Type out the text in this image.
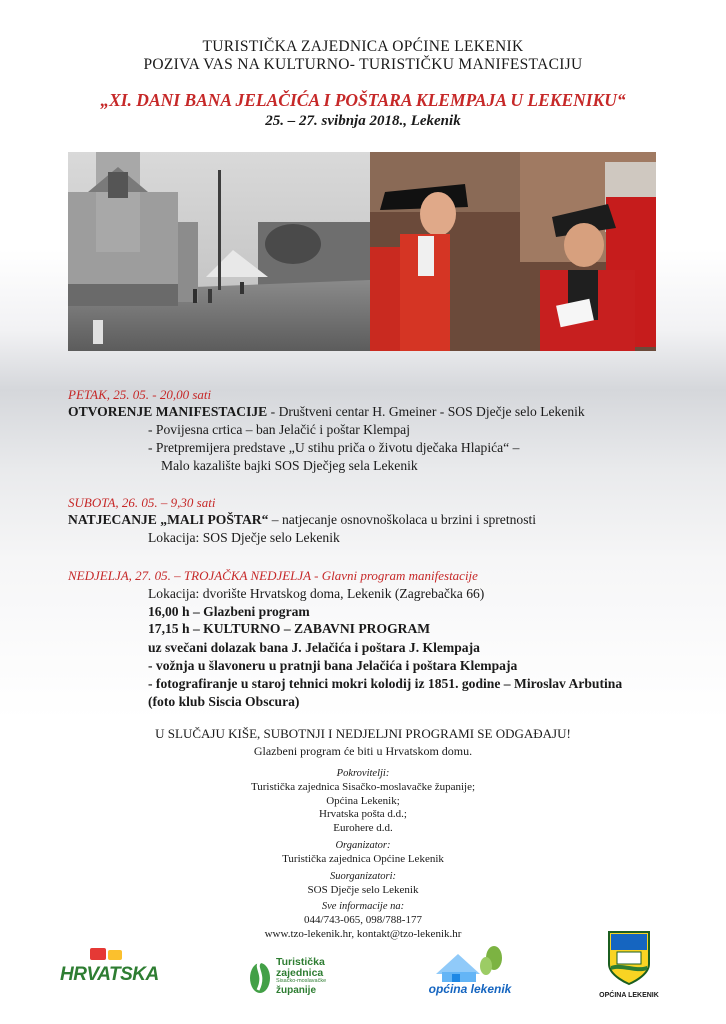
TURISTIČKA ZAJEDNICA OPĆINE LEKENIK
POZIVA VAS NA KULTURNO- TURISTIČKU MANIFESTACIJU
„XI. DANI BANA JELAČIĆA I POŠTARA KLEMPAJA U LEKENIKU“
25. – 27. svibnja 2018., Lekenik
PETAK, 25. 05. - 20,00 sati
OTVORENJE MANIFESTACIJE - Društveni centar H. Gmeiner - SOS Dječje selo Lekenik
- Povijesna crtica – ban Jelačić i poštar Klempaj
- Pretpremijera predstave „U stihu priča o životu dječaka Hlapića“ –
Malo kazalište bajki SOS Dječjeg sela Lekenik
SUBOTA, 26. 05. – 9,30 sati
NATJECANJE „MALI POŠTAR“ – natjecanje osnovnoškolaca u brzini i spretnosti
Lokacija: SOS Dječje selo Lekenik
NEDJELJA, 27. 05. – TROJAČKA NEDJELJA - Glavni program manifestacije
Lokacija: dvorište Hrvatskog doma, Lekenik (Zagrebačka 66)
16,00 h – Glazbeni program
17,15 h – KULTURNO – ZABAVNI PROGRAM
uz svečani dolazak bana J. Jelačića i poštara J. Klempaja
- vožnja u šlavoneru u pratnji bana Jelačića i poštara Klempaja
- fotografiranje u staroj tehnici mokri kolodij iz 1851. godine – Miroslav Arbutina
(foto klub Siscia Obscura)
U SLUČAJU KIŠE, SUBOTNJI I NEDJELJNI PROGRAMI SE ODGAĐAJU!
Glazbeni program će biti u Hrvatskom domu.
Pokrovitelji:
Turistička zajednica Sisačko-moslavačke županije;
Općina Lekenik;
Hrvatska pošta d.d.;
Eurohere d.d.
Organizator:
Turistička zajednica Općine Lekenik
Suorganizatori:
SOS Dječje selo Lekenik
Sve informacije na:
044/743-065, 098/788-177
www.tzo-lekenik.hr, kontakt@tzo-lekenik.hr
HRVATSKA
Turistička
zajednica
Sisačko-moslavačke
županije	općina lekenik	OPĆINA LEKENIK
